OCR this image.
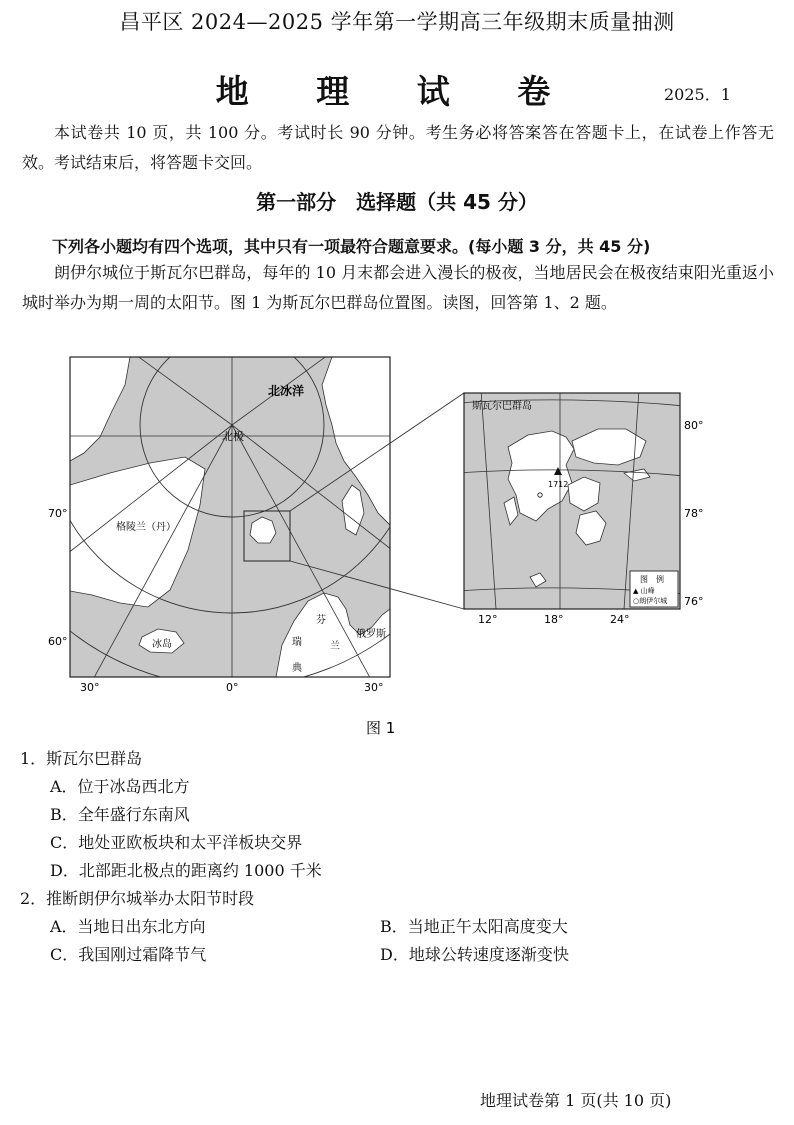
昌平区 2024—2025 学年第一学期高三年级期末质量抽测
地 理 试 卷	2025．1
本试卷共 10 页，共 100 分。考试时长 90 分钟。考生务必将答案答在答题卡上，在试卷上作答无效。考试结束后，将答题卡交回。
第一部分　选择题（共 45 分）
下列各小题均有四个选项，其中只有一项最符合题意要求。(每小题 3 分，共 45 分)
朗伊尔城位于斯瓦尔巴群岛，每年的 10 月末都会进入漫长的极夜，当地居民会在极夜结束阳光重返小城时举办为期一周的太阳节。图 1 为斯瓦尔巴群岛位置图。读图，回答第 1、2 题。
北冰洋
北极
格陵兰（丹）
冰岛	瑞
典
芬
兰
俄罗斯
70°
60°
30°	0°	30°
斯瓦尔巴群岛
1712
80°
78°
76°
12°	18°	24°
图　例
▲ 山峰
○朗伊尔城
图 1
1．斯瓦尔巴群岛
A．位于冰岛西北方
B．全年盛行东南风
C．地处亚欧板块和太平洋板块交界
D．北部距北极点的距离约 1000 千米
2．推断朗伊尔城举办太阳节时段
A．当地日出东北方向	B．当地正午太阳高度变大
C．我国刚过霜降节气	D．地球公转速度逐渐变快
地理试卷第 1 页(共 10 页)
